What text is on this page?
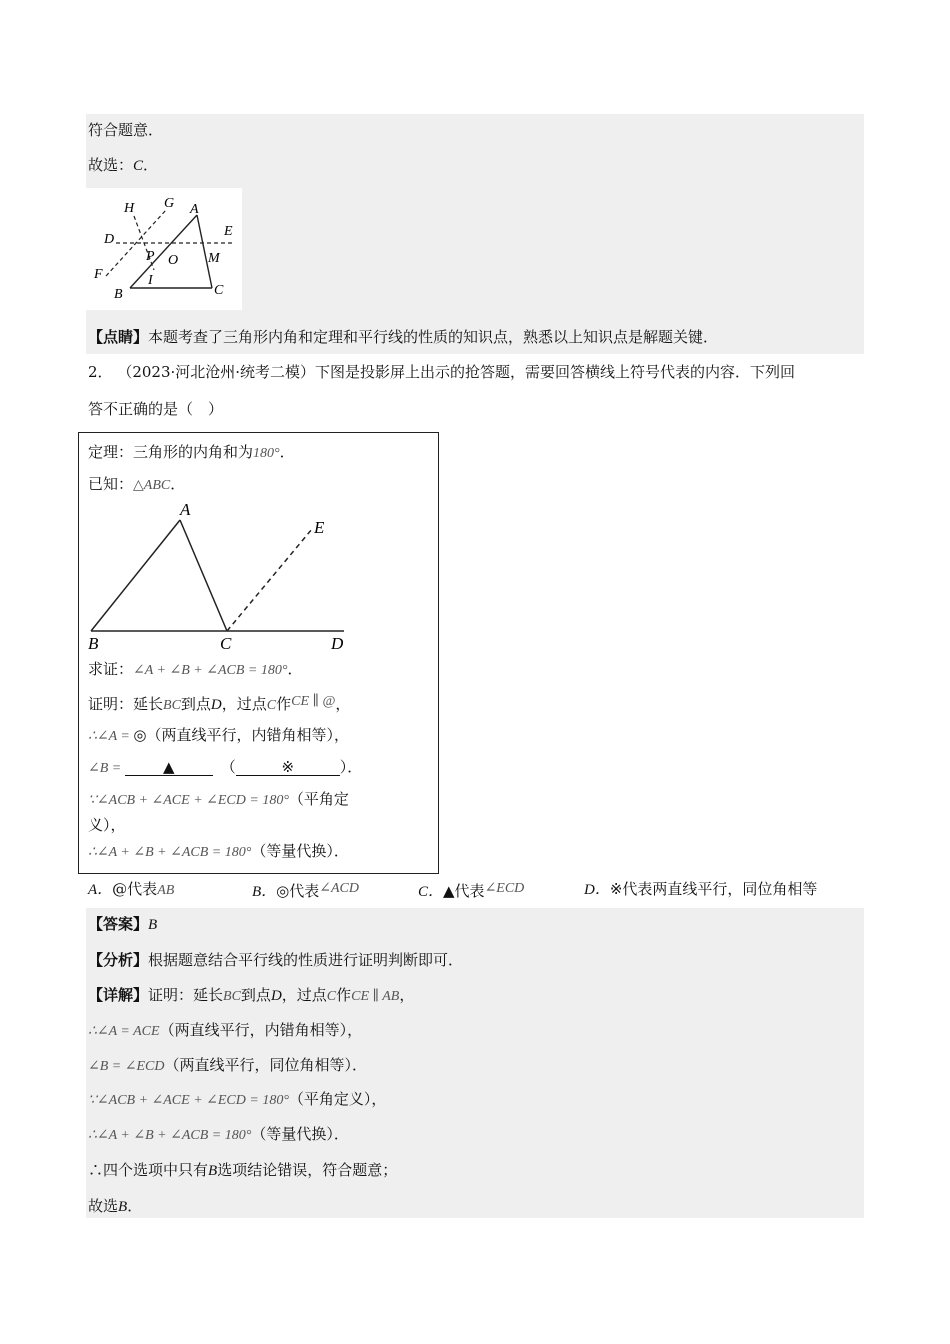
符合题意．
故选：C．
H G A
D
E
P O M
F	I
B	C
【点睛】本题考查了三角形内角和定理和平行线的性质的知识点，熟悉以上知识点是解题关键．
2． （2023·河北沧州·统考二模）下图是投影屏上出示的抢答题，需要回答横线上符号代表的内容．下列回
答不正确的是（　）
定理：三角形的内角和为180°．
已知：△ABC．
A
E
B	C	D
求证：∠A + ∠B + ∠ACB = 180°．
证明：延长BC到点D，过点C作CE ∥ @，
∴∠A = ◎（两直线平行，内错角相等），
∠B =	▲	（	※	）．
∵∠ACB + ∠ACE + ∠ECD = 180°（平角定
义），
∴∠A + ∠B + ∠ACB = 180°（等量代换）．
A．@代表AB	B．◎代表∠ACD	C．▲代表∠ECD	D．※代表两直线平行，同位角相等
【答案】B
【分析】根据题意结合平行线的性质进行证明判断即可．
【详解】证明：延长BC到点D，过点C作CE ∥ AB，
∴∠A = ACE（两直线平行，内错角相等），
∠B = ∠ECD（两直线平行，同位角相等）．
∵∠ACB + ∠ACE + ∠ECD = 180°（平角定义），
∴∠A + ∠B + ∠ACB = 180°（等量代换）．
∴四个选项中只有B选项结论错误，符合题意；
故选B．
